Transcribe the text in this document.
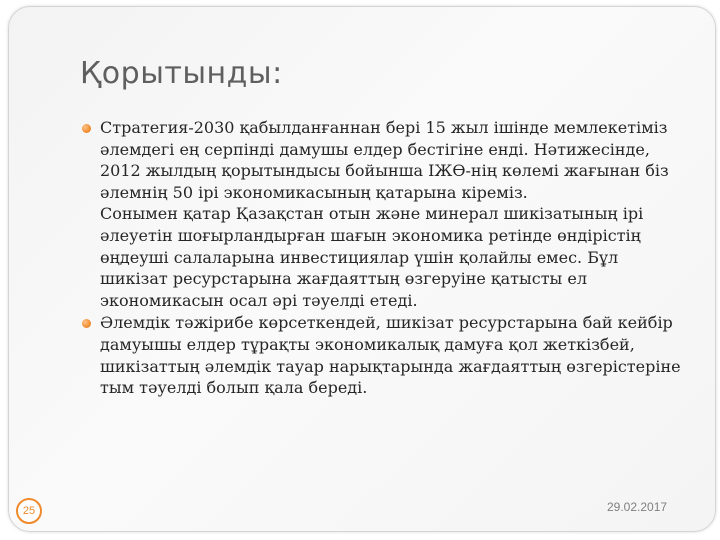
Қорытынды:
Стратегия-2030 қабылданғаннан бері 15 жыл ішінде мемлекетіміз әлемдегі ең серпінді дамушы елдер бестігіне енді. Нәтижесінде, 2012 жылдың қорытындысы бойынша ІЖӨ-нің көлемі жағынан біз әлемнің 50 ірі экономикасының қатарына кіреміз.
Сонымен қатар Қазақстан отын және минерал шикізатының ірі әлеуетін шоғырландырған шағын экономика ретінде өндірістің өңдеуші салаларына инвестициялар үшін қолайлы емес. Бұл шикізат ресурстарына жағдаяттың өзгеруіне қатысты ел экономикасын осал әрі тәуелді етеді.
Әлемдік тәжірибе көрсеткендей, шикізат ресурстарына бай кейбір дамуышы елдер тұрақты экономикалық дамуға қол жеткізбей, шикізаттың әлемдік тауар нарықтарында жағдаяттың өзгерістеріне тым тәуелді болып қала береді.
25	29.02.2017
